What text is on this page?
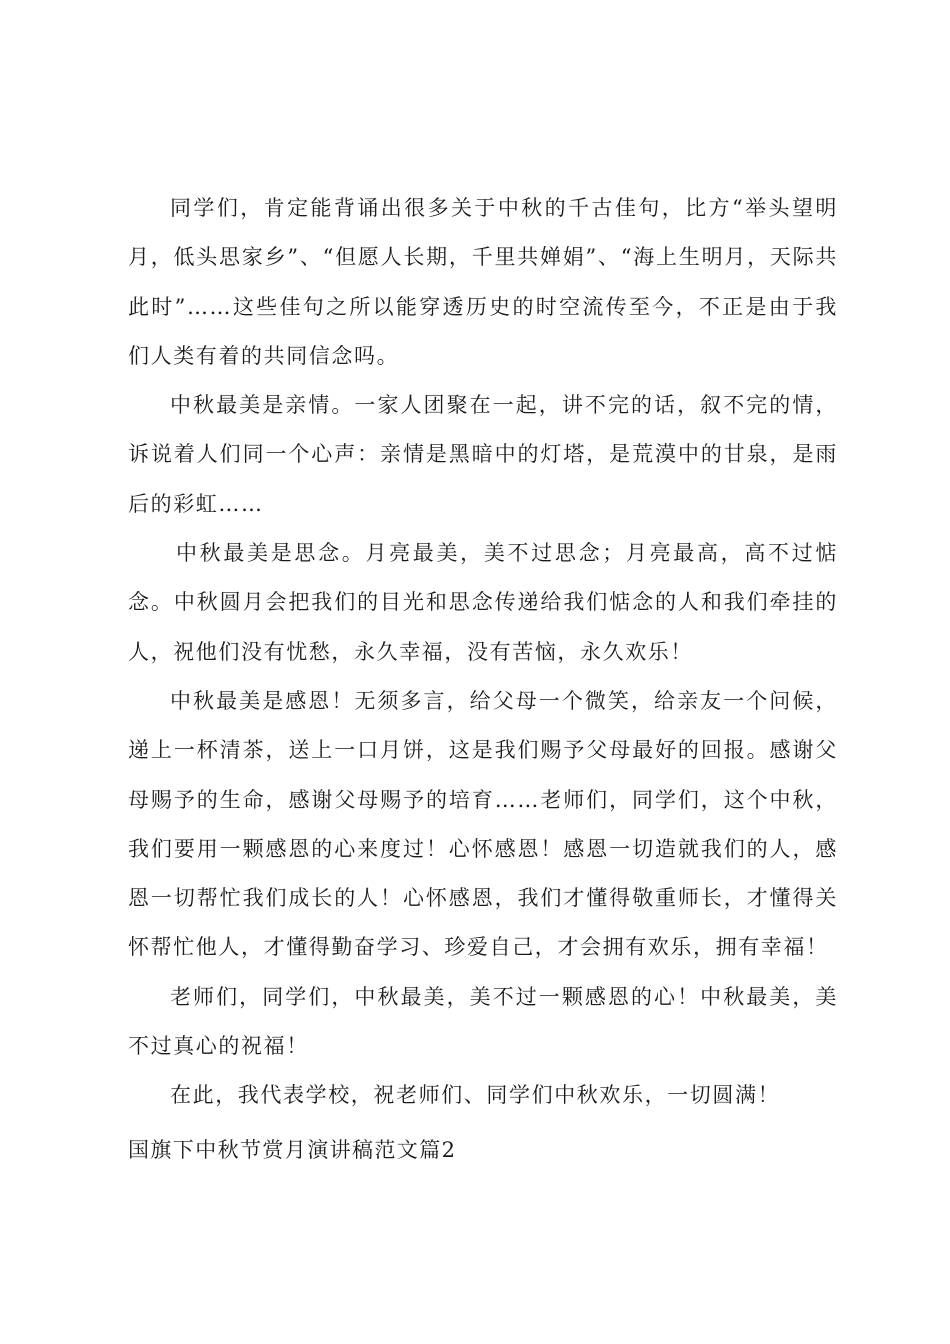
同学们，肯定能背诵出很多关于中秋的千古佳句，比方“举头望明月，低头思家乡”、“但愿人长期，千里共婵娟”、“海上生明月，天际共此时”……这些佳句之所以能穿透历史的时空流传至今，不正是由于我们人类有着的共同信念吗。

中秋最美是亲情。一家人团聚在一起，讲不完的话，叙不完的情，诉说着人们同一个心声：亲情是黑暗中的灯塔，是荒漠中的甘泉，是雨后的彩虹……

中秋最美是思念。月亮最美，美不过思念；月亮最高，高不过惦念。中秋圆月会把我们的目光和思念传递给我们惦念的人和我们牵挂的人，祝他们没有忧愁，永久幸福，没有苦恼，永久欢乐！

中秋最美是感恩！无须多言，给父母一个微笑，给亲友一个问候，递上一杯清茶，送上一口月饼，这是我们赐予父母最好的回报。感谢父母赐予的生命，感谢父母赐予的培育……老师们，同学们，这个中秋，我们要用一颗感恩的心来度过！心怀感恩！感恩一切造就我们的人，感恩一切帮忙我们成长的人！心怀感恩，我们才懂得敬重师长，才懂得关怀帮忙他人，才懂得勤奋学习、珍爱自己，才会拥有欢乐，拥有幸福！

老师们，同学们，中秋最美，美不过一颗感恩的心！中秋最美，美不过真心的祝福！

在此，我代表学校，祝老师们、同学们中秋欢乐，一切圆满！

国旗下中秋节赏月演讲稿范文篇2
